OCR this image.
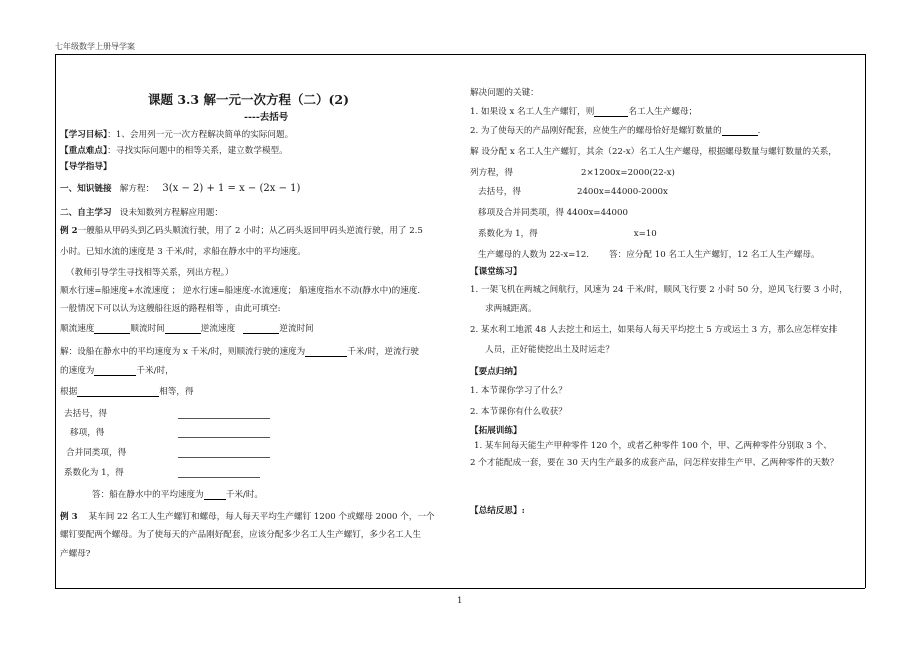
七年级数学上册导学案
1
课题 3.3 解一元一次方程（二）(2)
----去括号
【学习目标】：1、会用列一元一次方程解决简单的实际问题。
【重点难点】：寻找实际问题中的相等关系，建立数学模型。
【导学指导】
一、知识链接 解方程： 3(x − 2) + 1 = x − (2x − 1)
二、自主学习 设未知数列方程解应用题：
例 2一艘船从甲码头到乙码头顺流行驶，用了 2 小时；从乙码头返回甲码头逆流行驶，用了 2.5
小时。已知水流的速度是 3 千米/时，求船在静水中的平均速度。
（教师引导学生寻找相等关系，列出方程。）
顺水行速=船速度+水流速度 ； 逆水行速=船速度-水流速度； 船速度指水不动(静水中)的速度.
一般情况下可以认为这艘船往返的路程相等 ，由此可填空:
顺流速度	顺流时间	逆流速度	逆流时间
解：设船在静水中的平均速度为 x 千米/时，则顺流行驶的速度为	千米/时，逆流行驶
的速度为	千米/时，
根据	相等，得
去括号，得
移项，得
合并同类项，得
系数化为 1，得
答：船在静水中的平均速度为	千米/时。
例 3 某车间 22 名工人生产螺钉和螺母，每人每天平均生产螺钉 1200 个或螺母 2000 个，一个
螺钉要配两个螺母。为了使每天的产品刚好配套，应该分配多少名工人生产螺钉，多少名工人生
产螺母?
解决问题的关键：
1. 如果设 x 名工人生产螺钉，则	名工人生产螺母；
2. 为了使每天的产品刚好配套，应使生产的螺母恰好是螺钉数量的	.
解 设分配 x 名工人生产螺钉，其余（22-x）名工人生产螺母，根据螺母数量与螺钉数量的关系，
列方程，得	2×1200x=2000(22-x)
去括号，得	2400x=44000-2000x
移项及合并同类项，得 4400x=44000
系数化为 1，得	x=10
生产螺母的人数为 22-x=12. 答：应分配 10 名工人生产螺钉，12 名工人生产螺母。
【课堂练习】
1. 一架飞机在两城之间航行，风速为 24 千米/时，顺风飞行要 2 小时 50 分，逆风飞行要 3 小时，
求两城距离。
2. 某水利工地派 48 人去挖土和运土，如果每人每天平均挖土 5 方或运土 3 方，那么应怎样安排
人员，正好能使挖出土及时运走？
【要点归纳】
1. 本节课你学习了什么？
2. 本节课你有什么收获？
【拓展训练】
1. 某车间每天能生产甲种零件 120 个，或者乙种零件 100 个，甲、乙两种零件分别取 3 个、
2 个才能配成一套，要在 30 天内生产最多的成套产品，问怎样安排生产甲、乙两种零件的天数？
【总结反思】:
